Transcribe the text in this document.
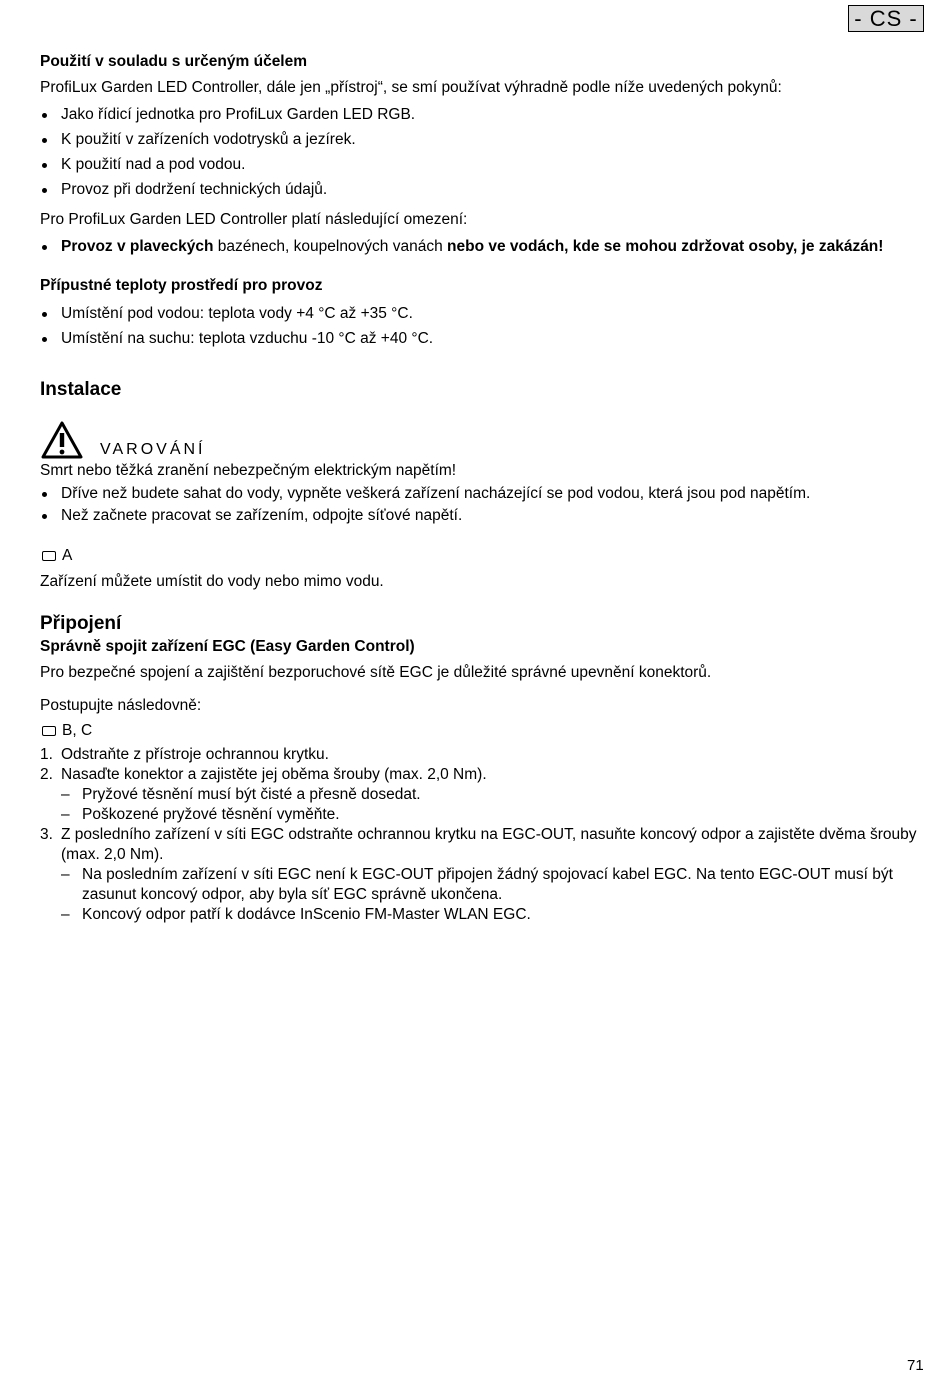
- CS -

Použití v souladu s určeným účelem

ProfiLux Garden LED Controller, dále jen „přístroj“, se smí používat výhradně podle níže uvedených pokynů:

Jako řídicí jednotka pro ProfiLux Garden LED RGB.
K použití v zařízeních vodotrysků a jezírek.
K použití nad a pod vodou.
Provoz při dodržení technických údajů.

Pro ProfiLux Garden LED Controller platí následující omezení:

Provoz v plaveckých bazénech, koupelnových vanách nebo ve vodách, kde se mohou zdržovat osoby, je zakázán!

Přípustné teploty prostředí pro provoz

Umístění pod vodou: teplota vody +4 °C až +35 °C.
Umístění na suchu: teplota vzduchu -10 °C až +40 °C.

Instalace

VAROVÁNÍ

Smrt nebo těžká zranění nebezpečným elektrickým napětím!

Dříve než budete sahat do vody, vypněte veškerá zařízení nacházející se pod vodou, která jsou pod napětím.
Než začnete pracovat se zařízením, odpojte síťové napětí.
A

Zařízení můžete umístit do vody nebo mimo vodu.

Připojení

Správně spojit zařízení EGC (Easy Garden Control)

Pro bezpečné spojení a zajištění bezporuchové sítě EGC je důležité správné upevnění konektorů.

Postupujte následovně:

B, C
1. Odstraňte z přístroje ochrannou krytku.
2. Nasaďte konektor a zajistěte jej oběma šrouby (max. 2,0 Nm).
– Pryžové těsnění musí být čisté a přesně dosedat.
– Poškozené pryžové těsnění vyměňte.
3. Z posledního zařízení v síti EGC odstraňte ochrannou krytku na EGC-OUT, nasuňte koncový odpor a zajistěte dvěma šrouby (max. 2,0 Nm).
– Na posledním zařízení v síti EGC není k EGC-OUT připojen žádný spojovací kabel EGC. Na tento EGC-OUT musí být zasunut koncový odpor, aby byla síť EGC správně ukončena.
– Koncový odpor patří k dodávce InScenio FM-Master WLAN EGC.
71
